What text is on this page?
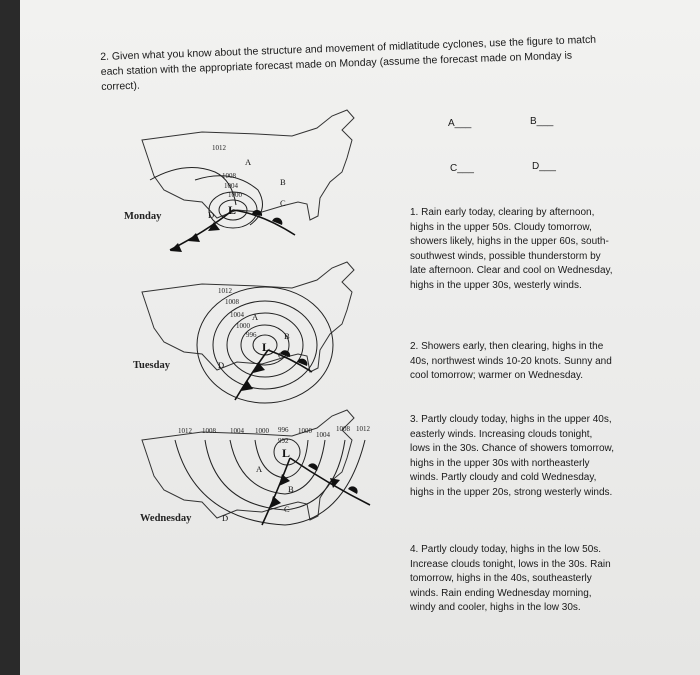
2. Given what you know about the structure and movement of midlatitude cyclones, use the figure to match each station with the appropriate forecast made on Monday (assume the forecast made on Monday is correct).
A___	B___
C___	D___
1012
1008
1004
1000
L
A
B
C
D
Monday
1012
1008
1004
1000
996
L
A
B
C
D
Tuesday
1012 1008 1004 1000 996 1000 1004
1008 1012
992
L
A
B
C
D
Wednesday

1. Rain early today, clearing by afternoon, highs in the upper 50s. Cloudy tomorrow, showers likely, highs in the upper 60s, south-southwest winds, possible thunderstorm by late afternoon. Clear and cool on Wednesday, highs in the upper 30s, westerly winds.

2. Showers early, then clearing, highs in the 40s, northwest winds 10-20 knots. Sunny and cool tomorrow; warmer on Wednesday.

3. Partly cloudy today, highs in the upper 40s, easterly winds. Increasing clouds tonight, lows in the 30s. Chance of showers tomorrow, highs in the upper 30s with northeasterly winds. Partly cloudy and cold Wednesday, highs in the upper 20s, strong westerly winds.

4. Partly cloudy today, highs in the low 50s. Increase clouds tonight, lows in the 30s. Rain tomorrow, highs in the 40s, southeasterly winds. Rain ending Wednesday morning, windy and cooler, highs in the low 30s.
